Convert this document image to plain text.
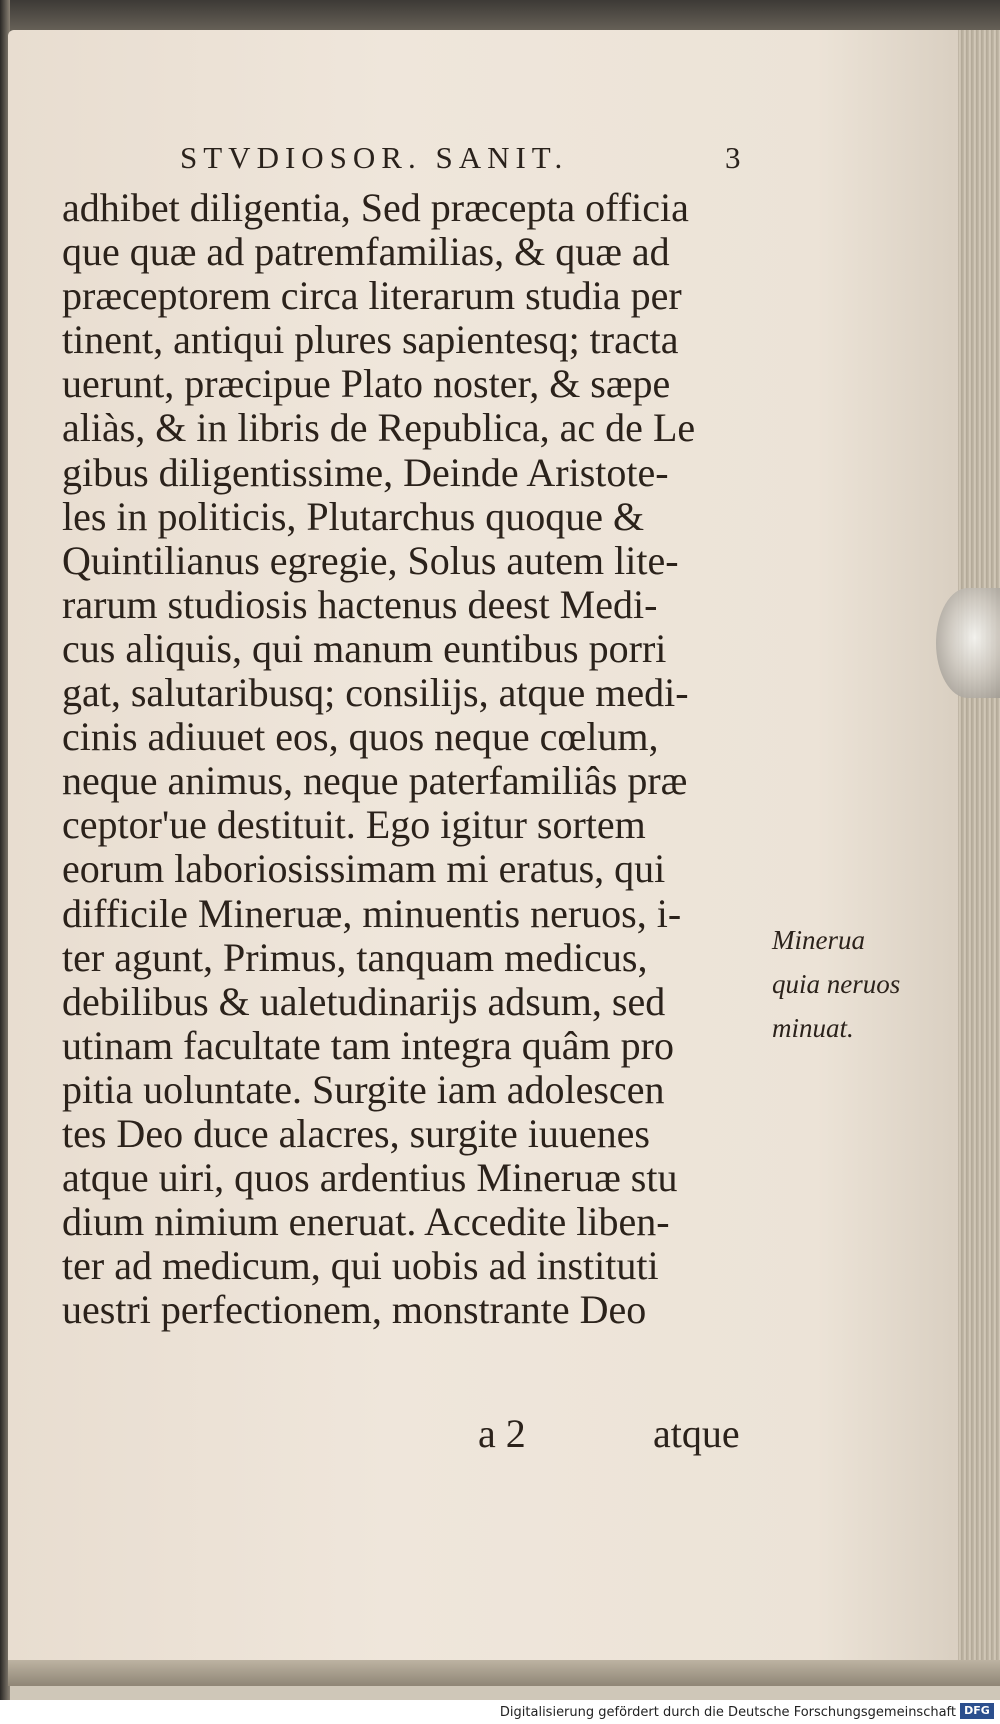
STVDIOSOR. SANIT.	3
adhibet diligentia, Sed præcepta officia
que quæ ad patremfamilias, & quæ ad
præceptorem circa literarum studia per
tinent, antiqui plures sapientesq; tracta
uerunt, præcipue Plato noster, & sæpe
aliàs, & in libris de Republica, ac de Le
gibus diligentissime, Deinde Aristote-
les in politicis, Plutarchus quoque &
Quintilianus egregie, Solus autem lite-
rarum studiosis hactenus deest Medi-
cus aliquis, qui manum euntibus porri
gat, salutaribusq; consilijs, atque medi-
cinis adiuuet eos, quos neque cœlum,
neque animus, neque paterfamiliâs præ
ceptor'ue destituit. Ego igitur sortem
eorum laboriosissimam mi eratus, qui
difficile Mineruæ, minuentis neruos, i-
ter agunt, Primus, tanquam medicus,
debilibus & ualetudinarijs adsum, sed
utinam facultate tam integra quâm pro
pitia uoluntate. Surgite iam adolescen
tes Deo duce alacres, surgite iuuenes
atque uiri, quos ardentius Mineruæ stu
dium nimium eneruat. Accedite liben-
ter ad medicum, qui uobis ad instituti
uestri perfectionem, monstrante Deo
Minerua
quia neruos
minuat.
a 2	atque
Digitalisierung gefördert durch die Deutsche Forschungsgemeinschaft DFG
